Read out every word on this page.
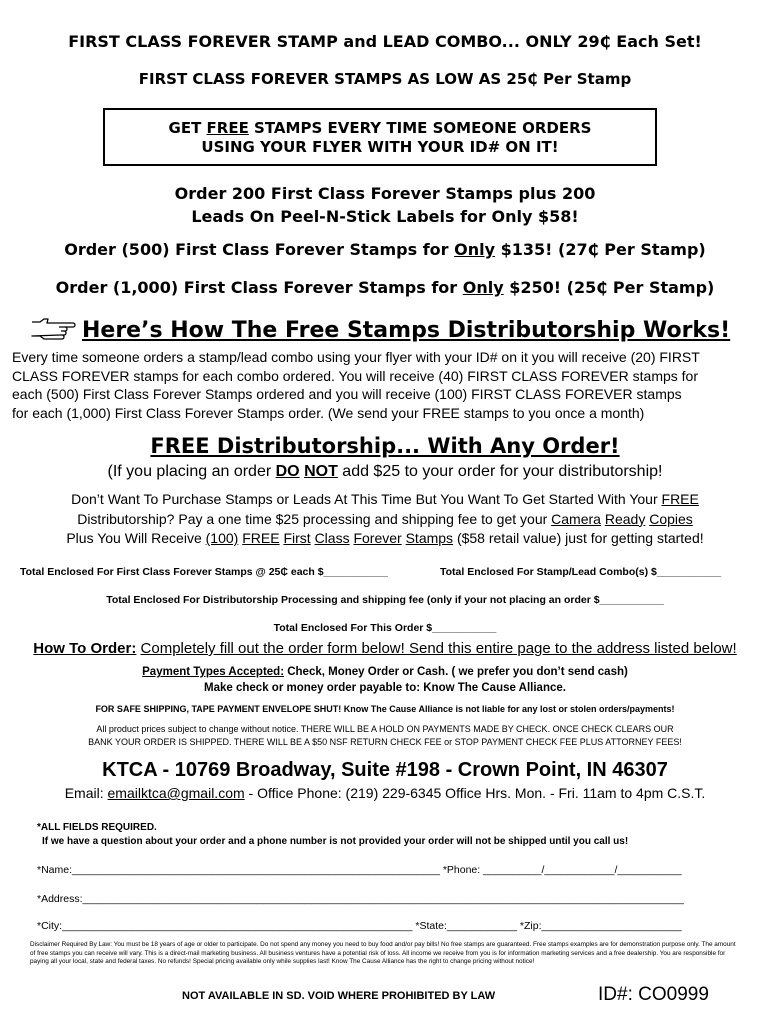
FIRST CLASS FOREVER STAMP and LEAD COMBO... ONLY 29₵ Each Set!
FIRST CLASS FOREVER STAMPS AS LOW AS 25₵ Per Stamp
GET FREE STAMPS EVERY TIME SOMEONE ORDERS
USING YOUR FLYER WITH YOUR ID# ON IT!
Order 200 First Class Forever Stamps plus 200
Leads On Peel-N-Stick Labels for Only $58!
Order (500) First Class Forever Stamps for Only $135! (27₵ Per Stamp)
Order (1,000) First Class Forever Stamps for Only $250! (25₵ Per Stamp)
Here’s How The Free Stamps Distributorship Works!
Every time someone orders a stamp/lead combo using your flyer with your ID# on it you will receive (20) FIRST
CLASS FOREVER stamps for each combo ordered. You will receive (40) FIRST CLASS FOREVER stamps for
each (500) First Class Forever Stamps ordered and you will receive (100) FIRST CLASS FOREVER stamps
for each (1,000) First Class Forever Stamps order. (We send your FREE stamps to you once a month)
FREE Distributorship... With Any Order!
(If you placing an order DO NOT add $25 to your order for your distributorship!
Don’t Want To Purchase Stamps or Leads At This Time But You Want To Get Started With Your FREE
Distributorship? Pay a one time $25 processing and shipping fee to get your Camera Ready Copies
Plus You Will Receive (100) FREE First Class Forever Stamps ($58 retail value) just for getting started!
Total Enclosed For First Class Forever Stamps @ 25₵ each $___________	Total Enclosed For Stamp/Lead Combo(s) $___________
Total Enclosed For Distributorship Processing and shipping fee (only if your not placing an order $___________
Total Enclosed For This Order $___________
How To Order: Completely fill out the order form below! Send this entire page to the address listed below!
Payment Types Accepted: Check, Money Order or Cash. ( we prefer you don’t send cash)
Make check or money order payable to: Know The Cause Alliance.
FOR SAFE SHIPPING, TAPE PAYMENT ENVELOPE SHUT! Know The Cause Alliance is not liable for any lost or stolen orders/payments!
All product prices subject to change without notice. THERE WILL BE A HOLD ON PAYMENTS MADE BY CHECK. ONCE CHECK CLEARS OUR
BANK YOUR ORDER IS SHIPPED. THERE WILL BE A $50 NSF RETURN CHECK FEE or STOP PAYMENT CHECK FEE PLUS ATTORNEY FEES!
KTCA - 10769 Broadway, Suite #198 - Crown Point, IN 46307
Email: emailktca@gmail.com - Office Phone: (219) 229-6345 Office Hrs. Mon. - Fri. 11am to 4pm C.S.T.
*ALL FIELDS REQUIRED.
If we have a question about your order and a phone number is not provided your order will not be shipped until you call us!
*Name:_______________________________________________________________ *Phone: __________/____________/___________
*Address:_______________________________________________________________________________________________________
*City:____________________________________________________________ *State:____________ *Zip:________________________
Disclaimer Required By Law: You must be 18 years of age or older to participate. Do not spend any money you need to buy food and/or pay bills! No free stamps are guaranteed. Free stamps examples are for demonstration purpose only. The amount of free stamps you can receive will vary. This is a direct-mail marketing business. All business ventures have a potential risk of loss. All income we receive from you is for information marketing services and a free dealership. You are responsible for paying all your local, state and federal taxes. No refunds! Special pricing available only while supplies last! Know The Cause Alliance has the right to change pricing without notice!
NOT AVAILABLE IN SD. VOID WHERE PROHIBITED BY LAW	ID#: CO0999
